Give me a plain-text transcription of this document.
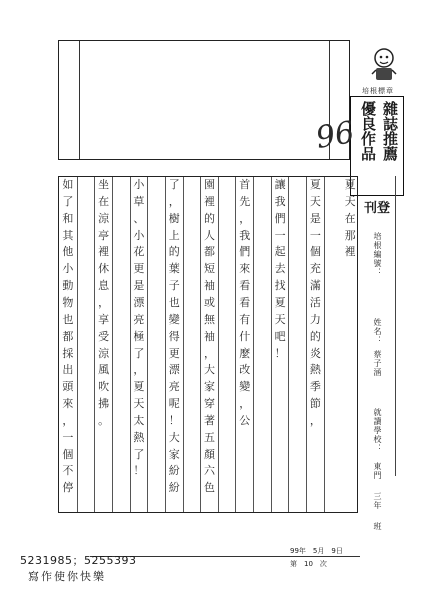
培根標章
雜誌推薦
優良作品
刊登
96
夏
天
在
那
裡
夏
天
是
一
個
充
滿
活
力
的
炎
熱
季
節
，
讓
我
們
一
起
去
找
夏
天
吧
！
首
先
，
我
們
來
看
看
有
什
麼
改
變
，
公
園
裡
的
人
都
短
袖
或
無
袖
，
大
家
穿
著
五
顏
六
色
了
，
樹
上
的
葉
子
也
變
得
更
漂
亮
呢
！
大
家
紛
紛
小
草
、
小
花
更
是
漂
亮
極
了
，
夏
天
太
熱
了
！
坐
在
涼
亭
裡
休
息
，
享
受
涼
風
吹
拂
。
如
了
和
其
他
小
動
物
也
都
採
出
頭
來
，
一
個
不
停
培根編號：
姓名：
蔡子涵
就讀學校：
東門
三年
班
99年　5月　9日
第　10　次
5231985；5255393
寫作使你快樂
